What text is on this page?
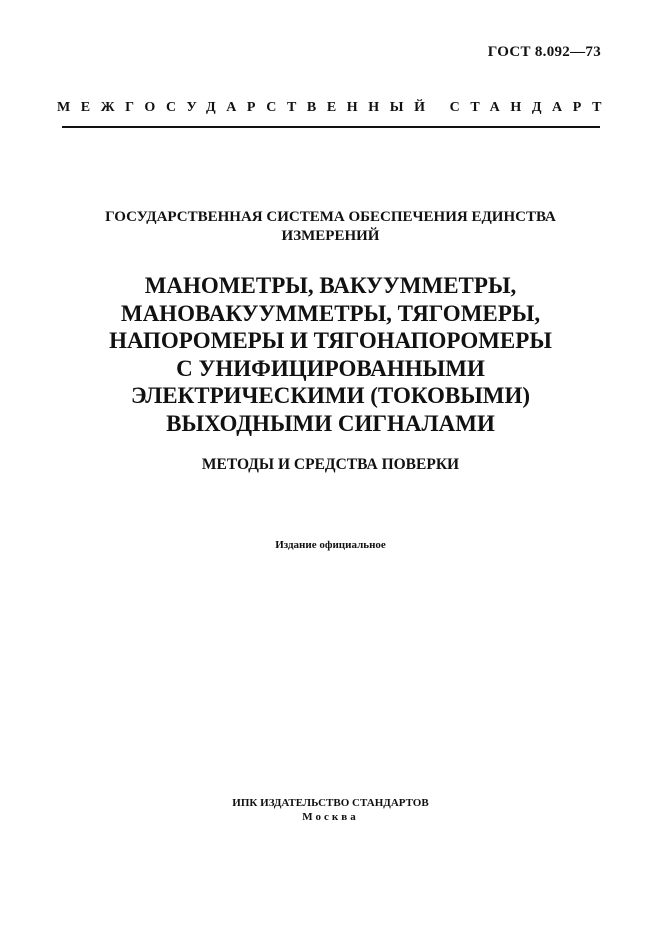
ГОСТ 8.092—73
МЕЖГОСУДАРСТВЕННЫЙ СТАНДАРТ
ГОСУДАРСТВЕННАЯ СИСТЕМА ОБЕСПЕЧЕНИЯ ЕДИНСТВА
ИЗМЕРЕНИЙ
МАНОМЕТРЫ, ВАКУУММЕТРЫ,
МАНОВАКУУММЕТРЫ, ТЯГОМЕРЫ,
НАПОРОМЕРЫ И ТЯГОНАПОРОМЕРЫ
С УНИФИЦИРОВАННЫМИ
ЭЛЕКТРИЧЕСКИМИ (ТОКОВЫМИ)
ВЫХОДНЫМИ СИГНАЛАМИ
МЕТОДЫ И СРЕДСТВА ПОВЕРКИ
Издание официальное
ИПК ИЗДАТЕЛЬСТВО СТАНДАРТОВ
Москва
